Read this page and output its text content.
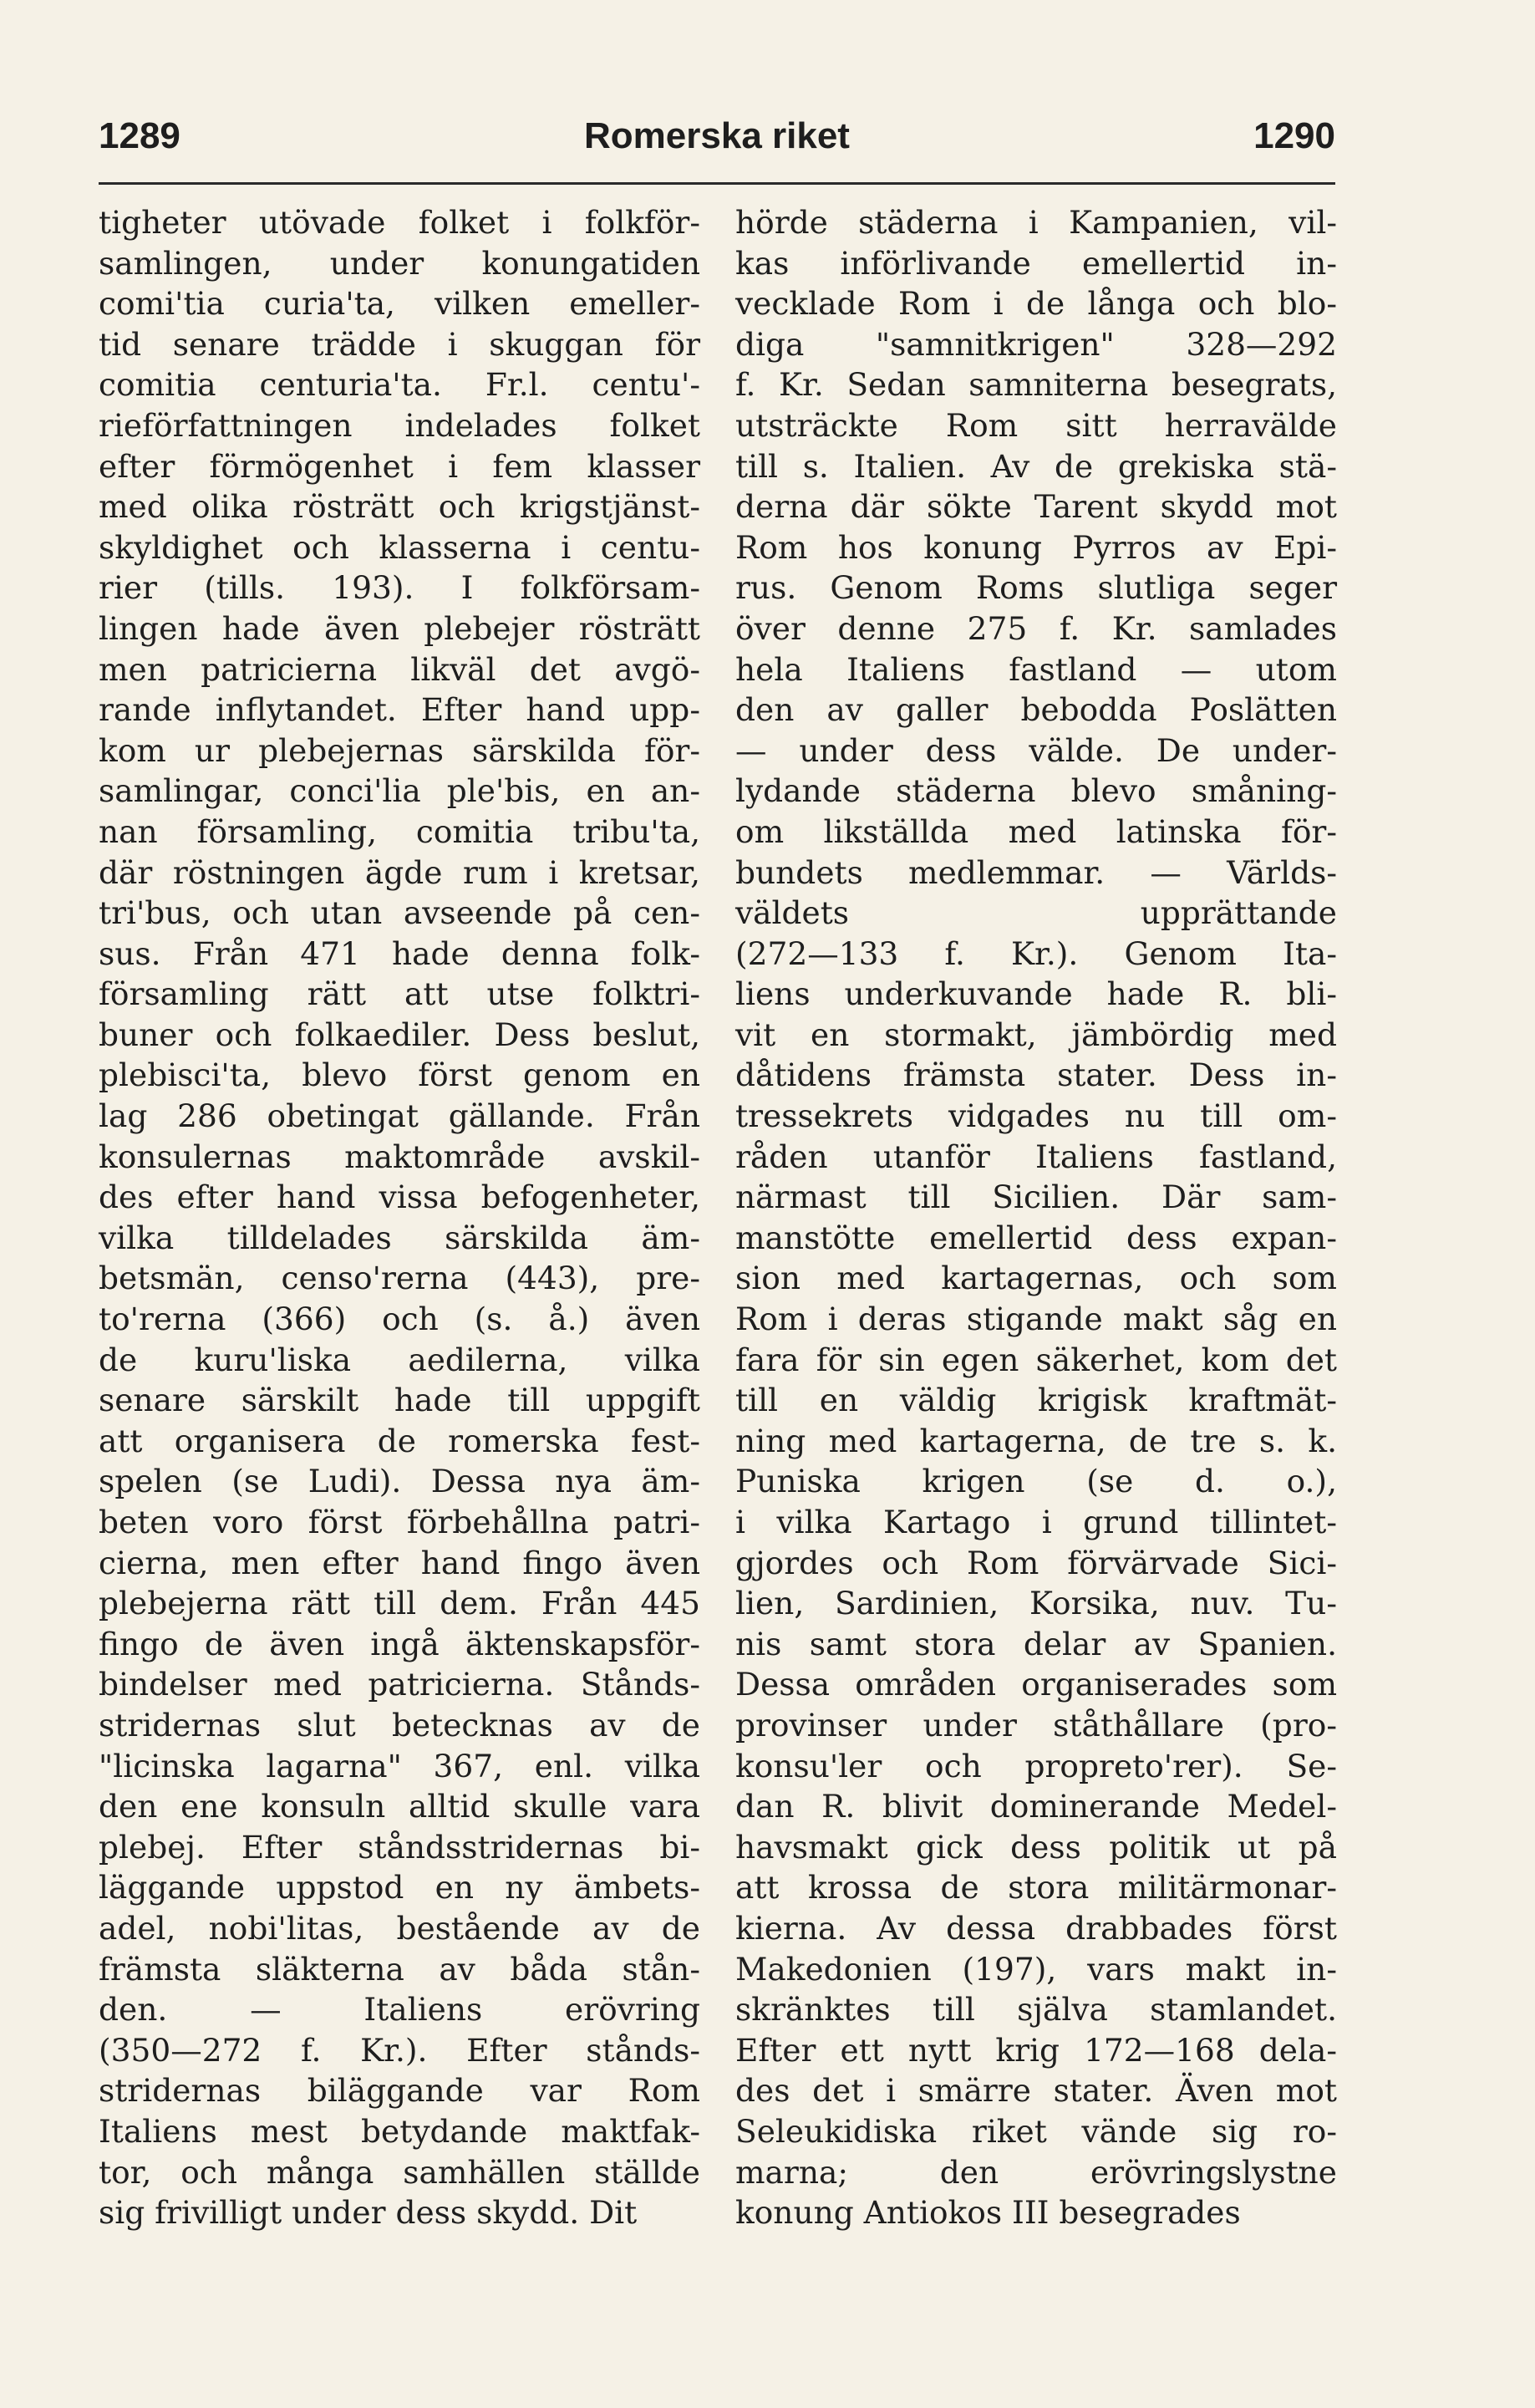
1289	Romerska riket	1290
tigheter utövade folket i folkför-
samlingen, under konungatiden
comi'tia curia'ta, vilken emeller-
tid senare trädde i skuggan för
comitia centuria'ta. Fr.l. centu'-
rieförfattningen indelades folket
efter förmögenhet i fem klasser
med olika rösträtt och krigstjänst-
skyldighet och klasserna i centu-
rier (tills. 193). I folkförsam-
lingen hade även plebejer rösträtt
men patricierna likväl det avgö-
rande inflytandet. Efter hand upp-
kom ur plebejernas särskilda för-
samlingar, conci'lia ple'bis, en an-
nan församling, comitia tribu'ta,
där röstningen ägde rum i kretsar,
tri'bus, och utan avseende på cen-
sus. Från 471 hade denna folk-
församling rätt att utse folktri-
buner och folkaediler. Dess beslut,
plebisci'ta, blevo först genom en
lag 286 obetingat gällande. Från
konsulernas maktområde avskil-
des efter hand vissa befogenheter,
vilka tilldelades särskilda äm-
betsmän, censo'rerna (443), pre-
to'rerna (366) och (s. å.) även
de kuru'liska aedilerna, vilka
senare särskilt hade till uppgift
att organisera de romerska fest-
spelen (se Ludi). Dessa nya äm-
beten voro först förbehållna patri-
cierna, men efter hand fingo även
plebejerna rätt till dem. Från 445
fingo de även ingå äktenskapsför-
bindelser med patricierna. Stånds-
stridernas slut betecknas av de
"licinska lagarna" 367, enl. vilka
den ene konsuln alltid skulle vara
plebej. Efter ståndsstridernas bi-
läggande uppstod en ny ämbets-
adel, nobi'litas, bestående av de
främsta släkterna av båda stån-
den. — Italiens erövring
(350—272 f. Kr.). Efter stånds-
stridernas biläggande var Rom
Italiens mest betydande maktfak-
tor, och många samhällen ställde
sig frivilligt under dess skydd. Dit
hörde städerna i Kampanien, vil-
kas införlivande emellertid in-
vecklade Rom i de långa och blo-
diga "samnitkrigen" 328—292
f. Kr. Sedan samniterna besegrats,
utsträckte Rom sitt herravälde
till s. Italien. Av de grekiska stä-
derna där sökte Tarent skydd mot
Rom hos konung Pyrros av Epi-
rus. Genom Roms slutliga seger
över denne 275 f. Kr. samlades
hela Italiens fastland — utom
den av galler bebodda Poslätten
— under dess välde. De under-
lydande städerna blevo småning-
om likställda med latinska för-
bundets medlemmar. — Världs-
väldets upprättande
(272—133 f. Kr.). Genom Ita-
liens underkuvande hade R. bli-
vit en stormakt, jämbördig med
dåtidens främsta stater. Dess in-
tressekrets vidgades nu till om-
råden utanför Italiens fastland,
närmast till Sicilien. Där sam-
manstötte emellertid dess expan-
sion med kartagernas, och som
Rom i deras stigande makt såg en
fara för sin egen säkerhet, kom det
till en väldig krigisk kraftmät-
ning med kartagerna, de tre s. k.
Puniska krigen (se d. o.),
i vilka Kartago i grund tillintet-
gjordes och Rom förvärvade Sici-
lien, Sardinien, Korsika, nuv. Tu-
nis samt stora delar av Spanien.
Dessa områden organiserades som
provinser under ståthållare (pro-
konsu'ler och propreto'rer). Se-
dan R. blivit dominerande Medel-
havsmakt gick dess politik ut på
att krossa de stora militärmonar-
kierna. Av dessa drabbades först
Makedonien (197), vars makt in-
skränktes till själva stamlandet.
Efter ett nytt krig 172—168 dela-
des det i smärre stater. Även mot
Seleukidiska riket vände sig ro-
marna; den erövringslystne
konung Antiokos III besegrades
